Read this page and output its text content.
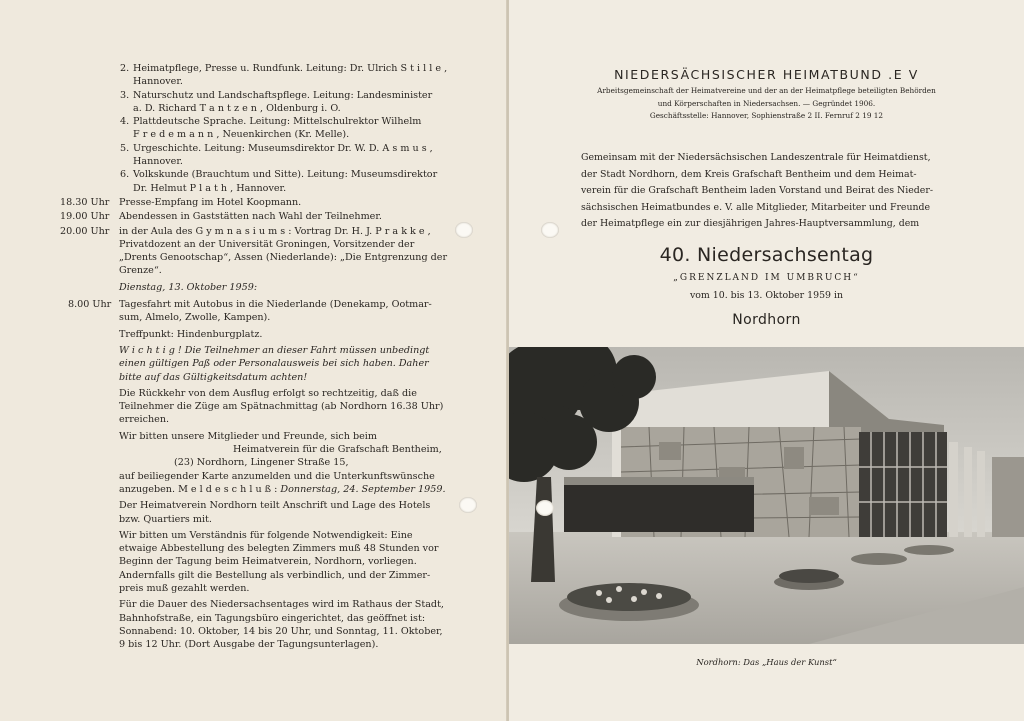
2. Heimatpflege, Presse u. Rundfunk. Leitung: Dr. Ulrich S t i l l e ,
Hannover.
3. Naturschutz und Landschaftspflege. Leitung: Landesminister
a. D. Richard T a n t z e n , Oldenburg i. O.
4. Plattdeutsche Sprache. Leitung: Mittelschulrektor Wilhelm
F r e d e m a n n , Neuenkirchen (Kr. Melle).
5. Urgeschichte. Leitung: Museumsdirektor Dr. W. D. A s m u s ,
Hannover.
6. Volkskunde (Brauchtum und Sitte). Leitung: Museumsdirektor
Dr. Helmut P l a t h , Hannover.
18.30 Uhr Presse-Empfang im Hotel Koopmann.
19.00 Uhr Abendessen in Gaststätten nach Wahl der Teilnehmer.
20.00 Uhr in der Aula des G y m n a s i u m s : Vortrag Dr. H. J. P r a k k e ,
Privatdozent an der Universität Groningen, Vorsitzender der
„Drents Genootschap“, Assen (Niederlande): „Die Entgrenzung der
Grenze“.
Dienstag, 13. Oktober 1959:
8.00 Uhr Tagesfahrt mit Autobus in die Niederlande (Denekamp, Ootmar-
sum, Almelo, Zwolle, Kampen).
Treffpunkt: Hindenburgplatz.
W i c h t i g ! Die Teilnehmer an dieser Fahrt müssen unbedingt
einen gültigen Paß oder Personalausweis bei sich haben. Daher
bitte auf das Gültigkeitsdatum achten!
Die Rückkehr von dem Ausflug erfolgt so rechtzeitig, daß die
Teilnehmer die Züge am Spätnachmittag (ab Nordhorn 16.38 Uhr)
erreichen.
Wir bitten unsere Mitglieder und Freunde, sich beim
Heimatverein für die Grafschaft Bentheim,
(23) Nordhorn, Lingener Straße 15,
auf beiliegender Karte anzumelden und die Unterkunftswünsche
anzugeben. M e l d e s c h l u ß : Donnerstag, 24. September 1959.
Der Heimatverein Nordhorn teilt Anschrift und Lage des Hotels
bzw. Quartiers mit.
Wir bitten um Verständnis für folgende Notwendigkeit: Eine
etwaige Abbestellung des belegten Zimmers muß 48 Stunden vor
Beginn der Tagung beim Heimatverein, Nordhorn, vorliegen.
Andernfalls gilt die Bestellung als verbindlich, und der Zimmer-
preis muß gezahlt werden.
Für die Dauer des Niedersachsentages wird im Rathaus der Stadt,
Bahnhofstraße, ein Tagungsbüro eingerichtet, das geöffnet ist:
Sonnabend: 10. Oktober, 14 bis 20 Uhr, und Sonntag, 11. Oktober,
9 bis 12 Uhr. (Dort Ausgabe der Tagungsunterlagen).
NIEDERSÄCHSISCHER HEIMATBUND .E V
Arbeitsgemeinschaft der Heimatvereine und der an der Heimatpflege beteiligten Behörden
und Körperschaften in Niedersachsen. — Gegründet 1906.
Geschäftsstelle: Hannover, Sophienstraße 2 II. Fernruf 2 19 12
Gemeinsam mit der Niedersächsischen Landeszentrale für Heimatdienst,
der Stadt Nordhorn, dem Kreis Grafschaft Bentheim und dem Heimat-
verein für die Grafschaft Bentheim laden Vorstand und Beirat des Nieder-
sächsischen Heimatbundes e. V. alle Mitglieder, Mitarbeiter und Freunde
der Heimatpflege ein zur diesjährigen Jahres-Hauptversammlung, dem
40. Niedersachsentag
„GRENZLAND IM UMBRUCH“
vom 10. bis 13. Oktober 1959 in
Nordhorn
Nordhorn: Das „Haus der Kunst“
